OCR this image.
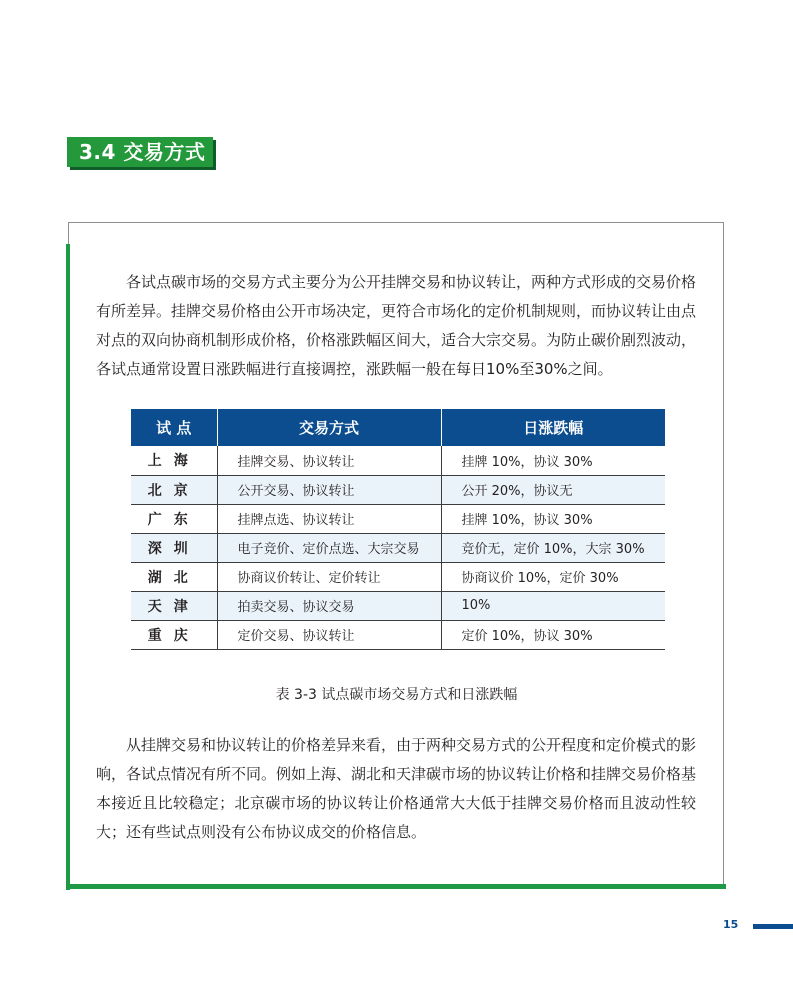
3.4 交易方式

各试点碳市场的交易方式主要分为公开挂牌交易和协议转让，两种方式形成的交易价格有所差异。挂牌交易价格由公开市场决定，更符合市场化的定价机制规则，而协议转让由点对点的双向协商机制形成价格，价格涨跌幅区间大，适合大宗交易。为防止碳价剧烈波动，各试点通常设置日涨跌幅进行直接调控，涨跌幅一般在每日10%至30%之间。

试 点	交易方式	日涨跌幅
上海	挂牌交易、协议转让	挂牌 10%，协议 30%
北京	公开交易、协议转让	公开 20%，协议无
广东	挂牌点选、协议转让	挂牌 10%，协议 30%
深圳	电子竞价、定价点选、大宗交易	竞价无，定价 10%，大宗 30%
湖北	协商议价转让、定价转让	协商议价 10%，定价 30%
天津	拍卖交易、协议交易	10%
重庆	定价交易、协议转让	定价 10%，协议 30%
表 3-3 试点碳市场交易方式和日涨跌幅

从挂牌交易和协议转让的价格差异来看，由于两种交易方式的公开程度和定价模式的影响，各试点情况有所不同。例如上海、湖北和天津碳市场的协议转让价格和挂牌交易价格基本接近且比较稳定；北京碳市场的协议转让价格通常大大低于挂牌交易价格而且波动性较大；还有些试点则没有公布协议成交的价格信息。

15
